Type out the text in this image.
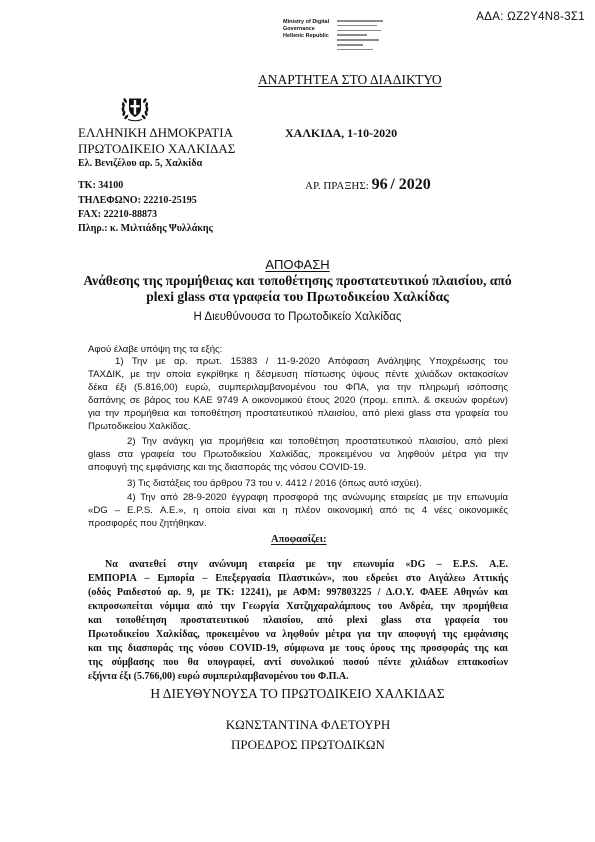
ΑΔΑ: ΩΖ2Υ4Ν8-3Σ1
Ministry of Digital
Governance
Hellenic Republic
ΑΝΑΡΤΗΤΕΑ ΣΤΟ ΔΙΑΔΙΚΤΥΟ
ΕΛΛΗΝΙΚΗ ΔΗΜΟΚΡΑΤΙΑ
ΠΡΩΤΟΔΙΚΕΙΟ ΧΑΛΚΙΔΑΣ
Ελ. Βενιζέλου αρ. 5, Χαλκίδα
ΤΚ: 34100
ΤΗΛΕΦΩΝΟ: 22210-25195
FAX: 22210-88873
Πληρ.: κ. Μιλτιάδης Ψυλλάκης
ΧΑΛΚΙΔΑ, 1-10-2020
ΑΡ. ΠΡΑΞΗΣ: 96 / 2020
ΑΠΟΦΑΣΗ
Ανάθεσης της προμήθειας και τοποθέτησης προστατευτικού πλαισίου, από
plexi glass στα γραφεία του Πρωτοδικείου Χαλκίδας
Η Διευθύνουσα το Πρωτοδικείο Χαλκίδας
Αφού έλαβε υπόψη της τα εξής:
1) Την με αρ. πρωτ. 15383 / 11-9-2020 Απόφαση Ανάληψης Υποχρέωσης του
ΤΑΧΔΙΚ, με την οποία εγκρίθηκε η δέσμευση πίστωσης ύψους πέντε χιλιάδων οκτακοσίων
δέκα έξι (5.816,00) ευρώ, συμπεριλαμβανομένου του ΦΠΑ, για την πληρωμή ισόποσης
δαπάνης σε βάρος του ΚΑΕ 9749 Α οικονομικού έτους 2020 (προμ. επιπλ. & σκευών φορέων)
για την προμήθεια και τοποθέτηση προστατευτικού πλαισίου, από plexi glass στα γραφεία του
Πρωτοδικείου Χαλκίδας.
2) Την ανάγκη για προμήθεια και τοποθέτηση προστατευτικού πλαισίου, από plexi
glass στα γραφεία του Πρωτοδικείου Χαλκίδας, προκειμένου να ληφθούν μέτρα για την
αποφυγή της εμφάνισης και της διασποράς της νόσου COVID-19.
3) Τις διατάξεις του άρθρου 73 του ν. 4412 / 2016 (όπως αυτό ισχύει).
4) Την από 28-9-2020 έγγραφη προσφορά της ανώνυμης εταιρείας με την επωνυμία
«DG – E.P.S. Α.Ε.», η οποία είναι και η πλέον οικονομική από τις 4 νέες οικονομικές
προσφορές που ζητήθηκαν.
Αποφασίζει:
Να ανατεθεί στην ανώνυμη εταιρεία με την επωνυμία «DG – E.P.S. Α.Ε.
ΕΜΠΟΡΙΑ – Εμπορία – Επεξεργασία Πλαστικών», που εδρεύει στο Αιγάλεω Αττικής
(οδός Ραιδεστού αρ. 9, με ΤΚ: 12241), με ΑΦΜ: 997803225 / Δ.Ο.Υ. ΦΑΕΕ Αθηνών και
εκπροσωπείται νόμιμα από την Γεωργία Χατζηχαραλάμπους του Ανδρέα, την προμήθεια
και τοποθέτηση προστατευτικού πλαισίου, από plexi glass στα γραφεία του
Πρωτοδικείου Χαλκίδας, προκειμένου να ληφθούν μέτρα για την αποφυγή της εμφάνισης
και της διασποράς της νόσου COVID-19, σύμφωνα με τους όρους της προσφοράς της και
της σύμβασης που θα υπογραφεί, αντί συνολικού ποσού πέντε χιλιάδων επτακοσίων
εξήντα έξι (5.766,00) ευρώ συμπεριλαμβανομένου του Φ.Π.Α.
Η ΔΙΕΥΘΥΝΟΥΣΑ ΤΟ ΠΡΩΤΟΔΙΚΕΙΟ ΧΑΛΚΙΔΑΣ
ΚΩΝΣΤΑΝΤΙΝΑ ΦΛΕΤΟΥΡΗ
ΠΡΟΕΔΡΟΣ ΠΡΩΤΟΔΙΚΩΝ
